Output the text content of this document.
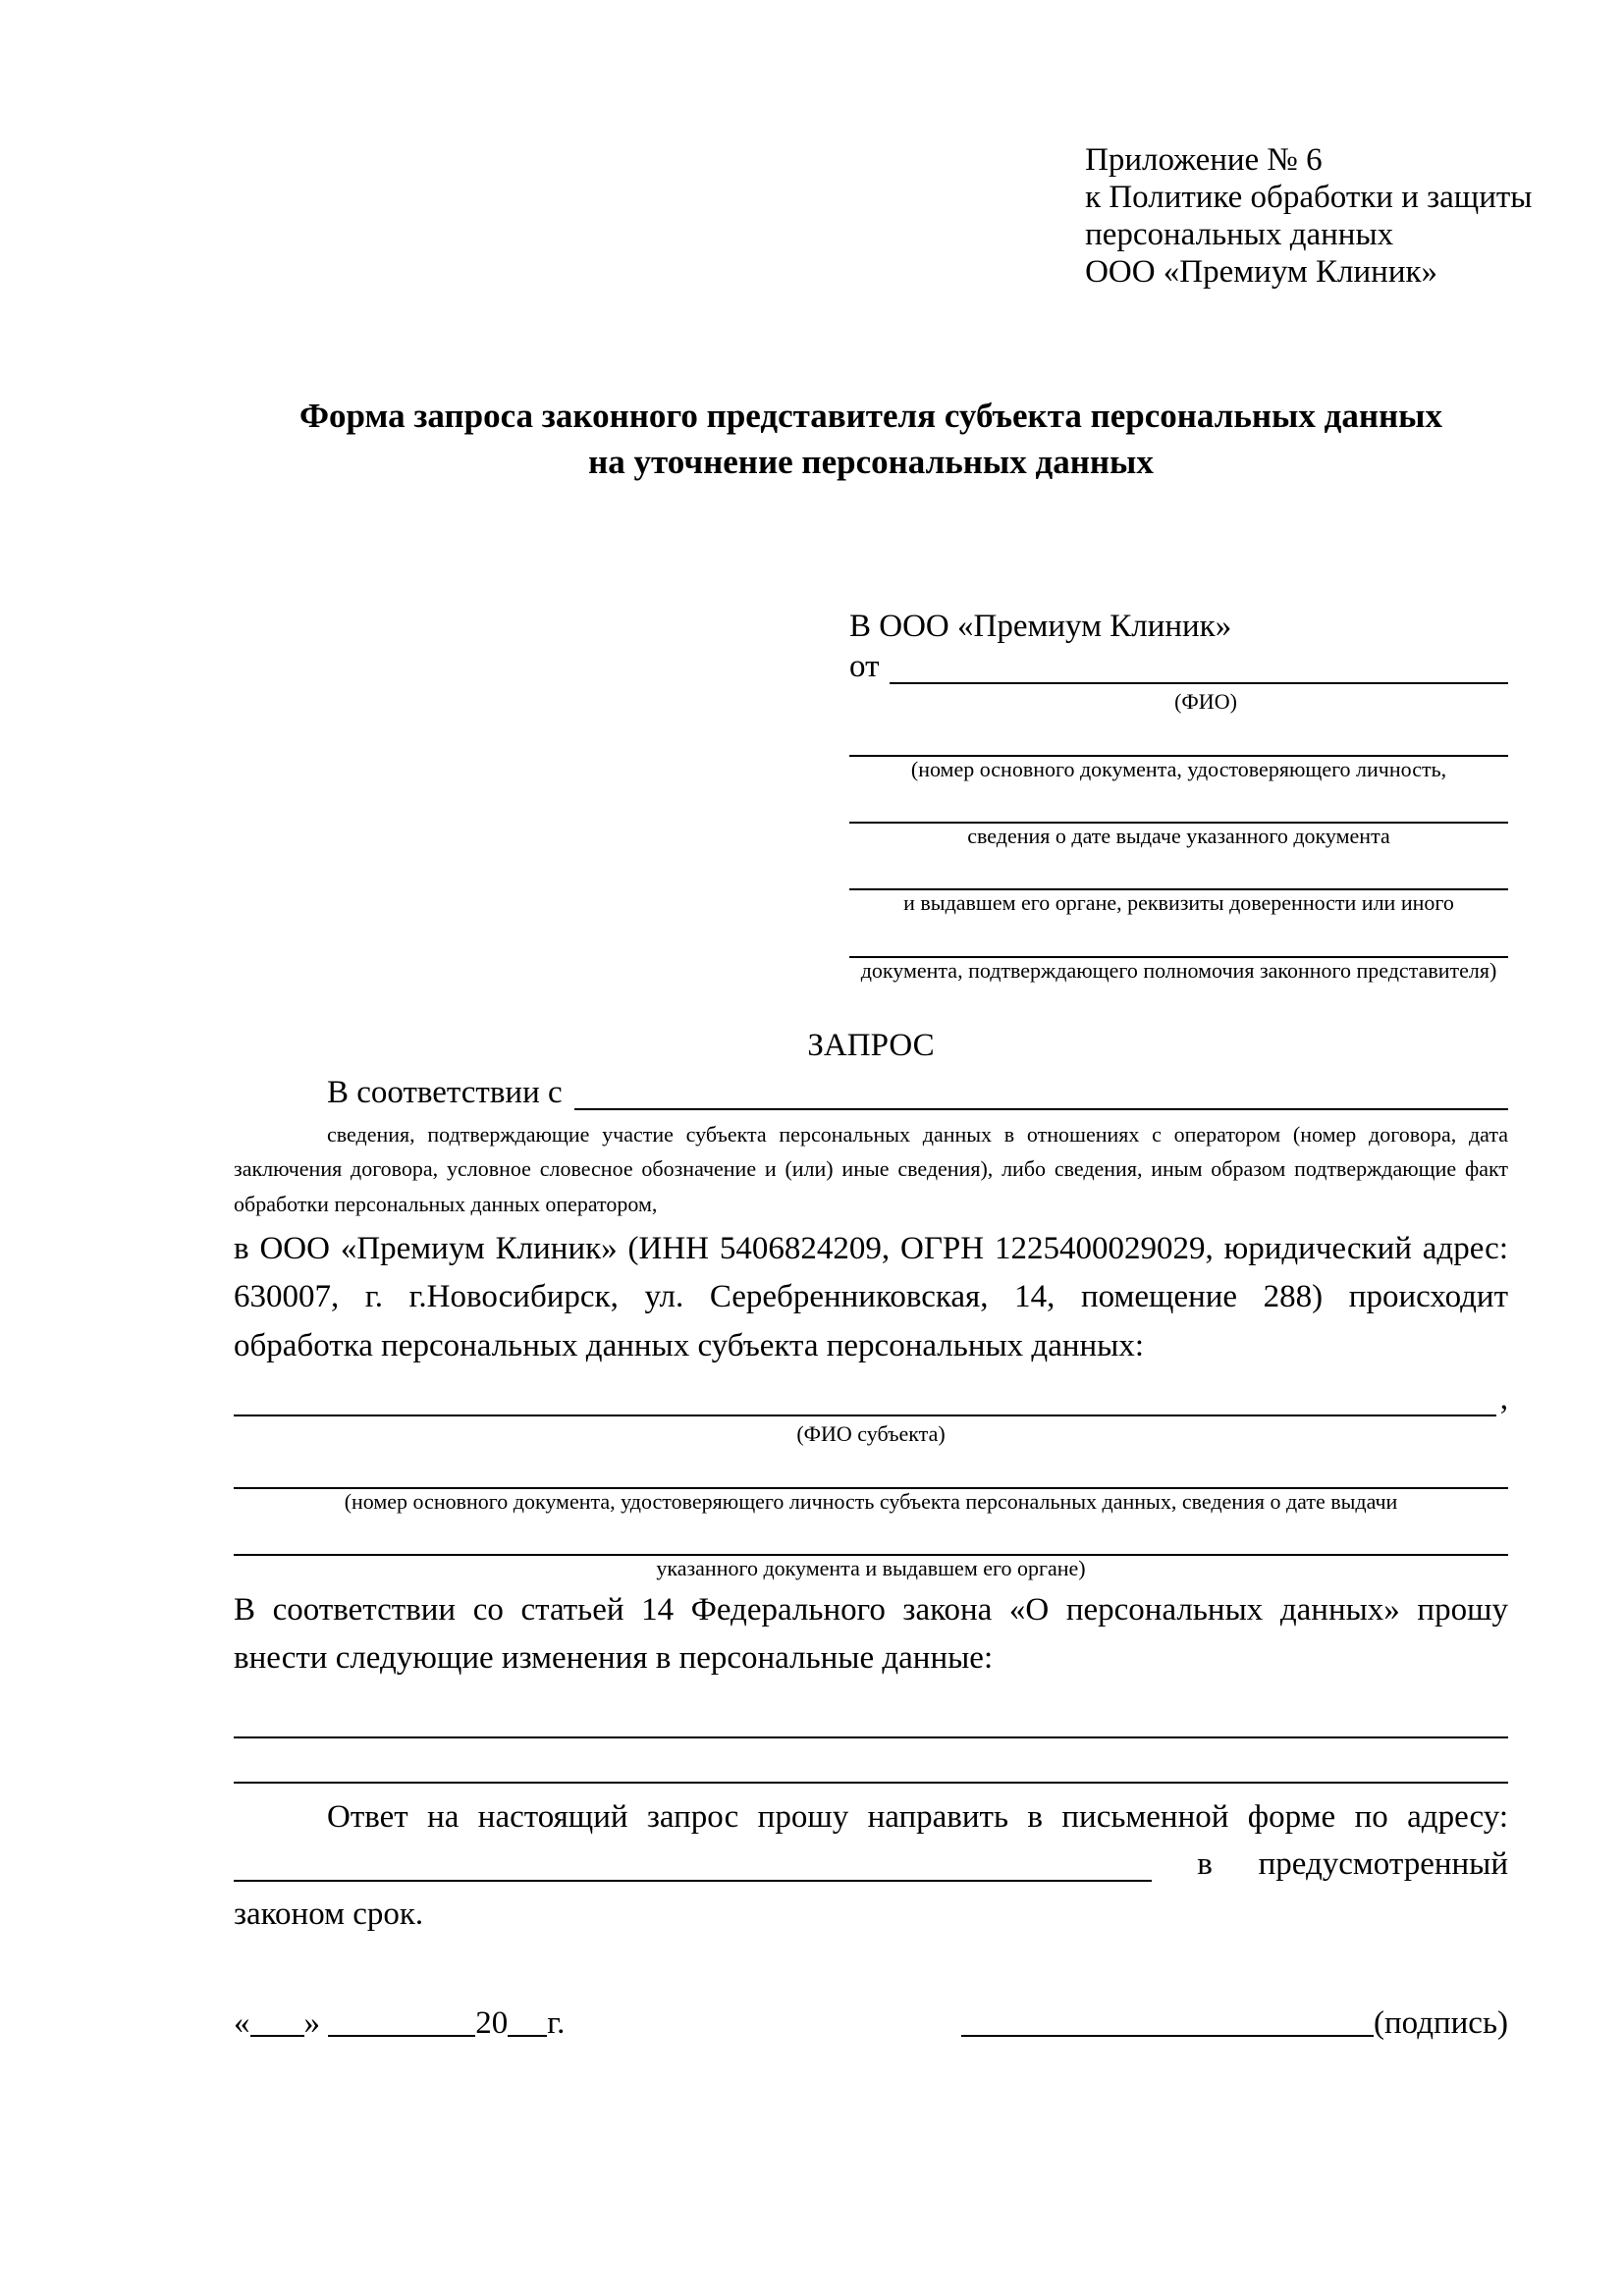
Приложение № 6
к Политике обработки и защиты
персональных данных
ООО «Премиум Клиник»
Форма запроса законного представителя субъекта персональных данных
на уточнение персональных данных
В ООО «Премиум Клиник»
от
(ФИО)
(номер основного документа, удостоверяющего личность,
сведения о дате выдаче указанного документа
и выдавшем его органе, реквизиты доверенности или иного
документа, подтверждающего полномочия законного представителя)
ЗАПРОС
В соответствии с

сведения, подтверждающие участие субъекта персональных данных в отношениях с оператором (номер договора, дата заключения договора, условное словесное обозначение и (или) иные сведения), либо сведения, иным образом подтверждающие факт обработки персональных данных оператором,

в ООО «Премиум Клиник» (ИНН 5406824209, ОГРН 1225400029029, юридический адрес: 630007, г. г.Новосибирск, ул. Серебренниковская, 14, помещение 288) происходит обработка персональных данных субъекта персональных данных:

,
(ФИО субъекта)
(номер основного документа, удостоверяющего личность субъекта персональных данных, сведения о дате выдачи
указанного документа и выдавшем его органе)

В соответствии со статьей 14 Федерального закона «О персональных данных» прошу внести следующие изменения в персональные данные:

Ответ на настоящий запрос прошу направить в письменной форме по адресу:

в предусмотренный

законом срок.

« »	20 г.	(подпись)
